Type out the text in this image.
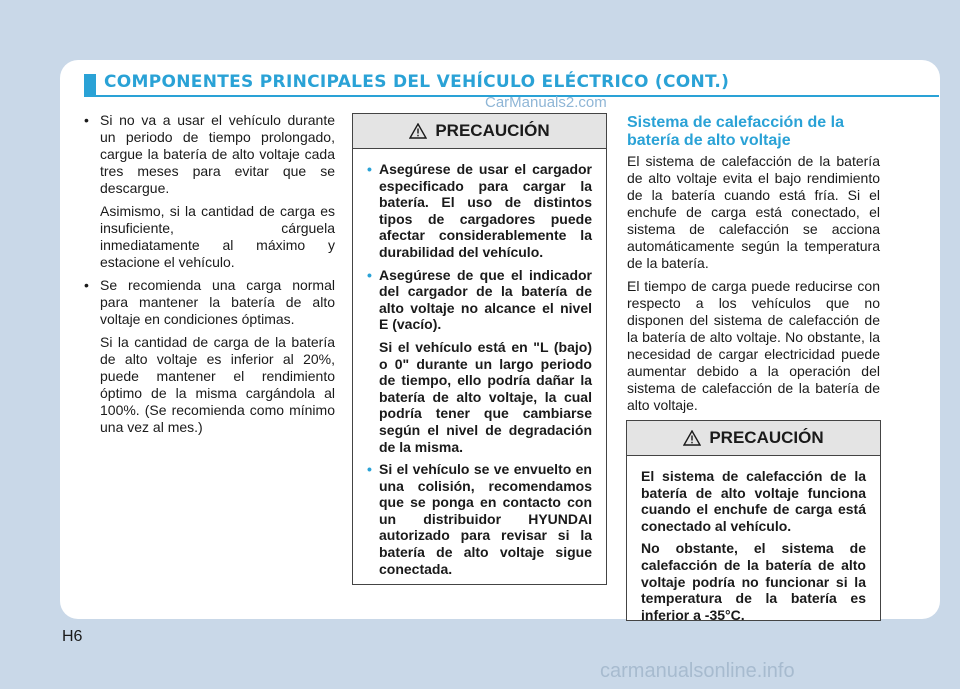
COMPONENTES PRINCIPALES DEL VEHÍCULO ELÉCTRICO (CONT.)
CarManuals2.com

• Si no va a usar el vehículo durante un periodo de tiempo prolongado, cargue la batería de alto voltaje cada tres meses para evitar que se descargue.

Asimismo, si la cantidad de carga es insuficiente, cárguela inmediatamente al máximo y estacione el vehículo.

• Se recomienda una carga normal para mantener la batería de alto voltaje en condiciones óptimas.

Si la cantidad de carga de la batería de alto voltaje es inferior al 20%, puede mantener el rendimiento óptimo de la misma cargándola al 100%. (Se recomienda como mínimo una vez al mes.)

PRECAUCIÓN

• Asegúrese de usar el cargador especificado para cargar la batería. El uso de distintos tipos de cargadores puede afectar considerablemente la durabilidad del vehículo.

• Asegúrese de que el indicador del cargador de la batería de alto voltaje no alcance el nivel E (vacío).

Si el vehículo está en "L (bajo) o 0" durante un largo periodo de tiempo, ello podría dañar la batería de alto voltaje, la cual podría tener que cambiarse según el nivel de degradación de la misma.

• Si el vehículo se ve envuelto en una colisión, recomendamos que se ponga en contacto con un distribuidor HYUNDAI autorizado para revisar si la batería de alto voltaje sigue conectada.

Sistema de calefacción de la batería de alto voltaje

El sistema de calefacción de la batería de alto voltaje evita el bajo rendimiento de la batería cuando está fría. Si el enchufe de carga está conectado, el sistema de calefacción se acciona automáticamente según la temperatura de la batería.

El tiempo de carga puede reducirse con respecto a los vehículos que no disponen del sistema de calefacción de la batería de alto voltaje. No obstante, la necesidad de cargar electricidad puede aumentar debido a la operación del sistema de calefacción de la batería de alto voltaje.

PRECAUCIÓN

El sistema de calefacción de la batería de alto voltaje funciona cuando el enchufe de carga está conectado al vehículo.

No obstante, el sistema de calefacción de la batería de alto voltaje podría no funcionar si la temperatura de la batería es inferior a -35°C.

H6
carmanualsonline.info
